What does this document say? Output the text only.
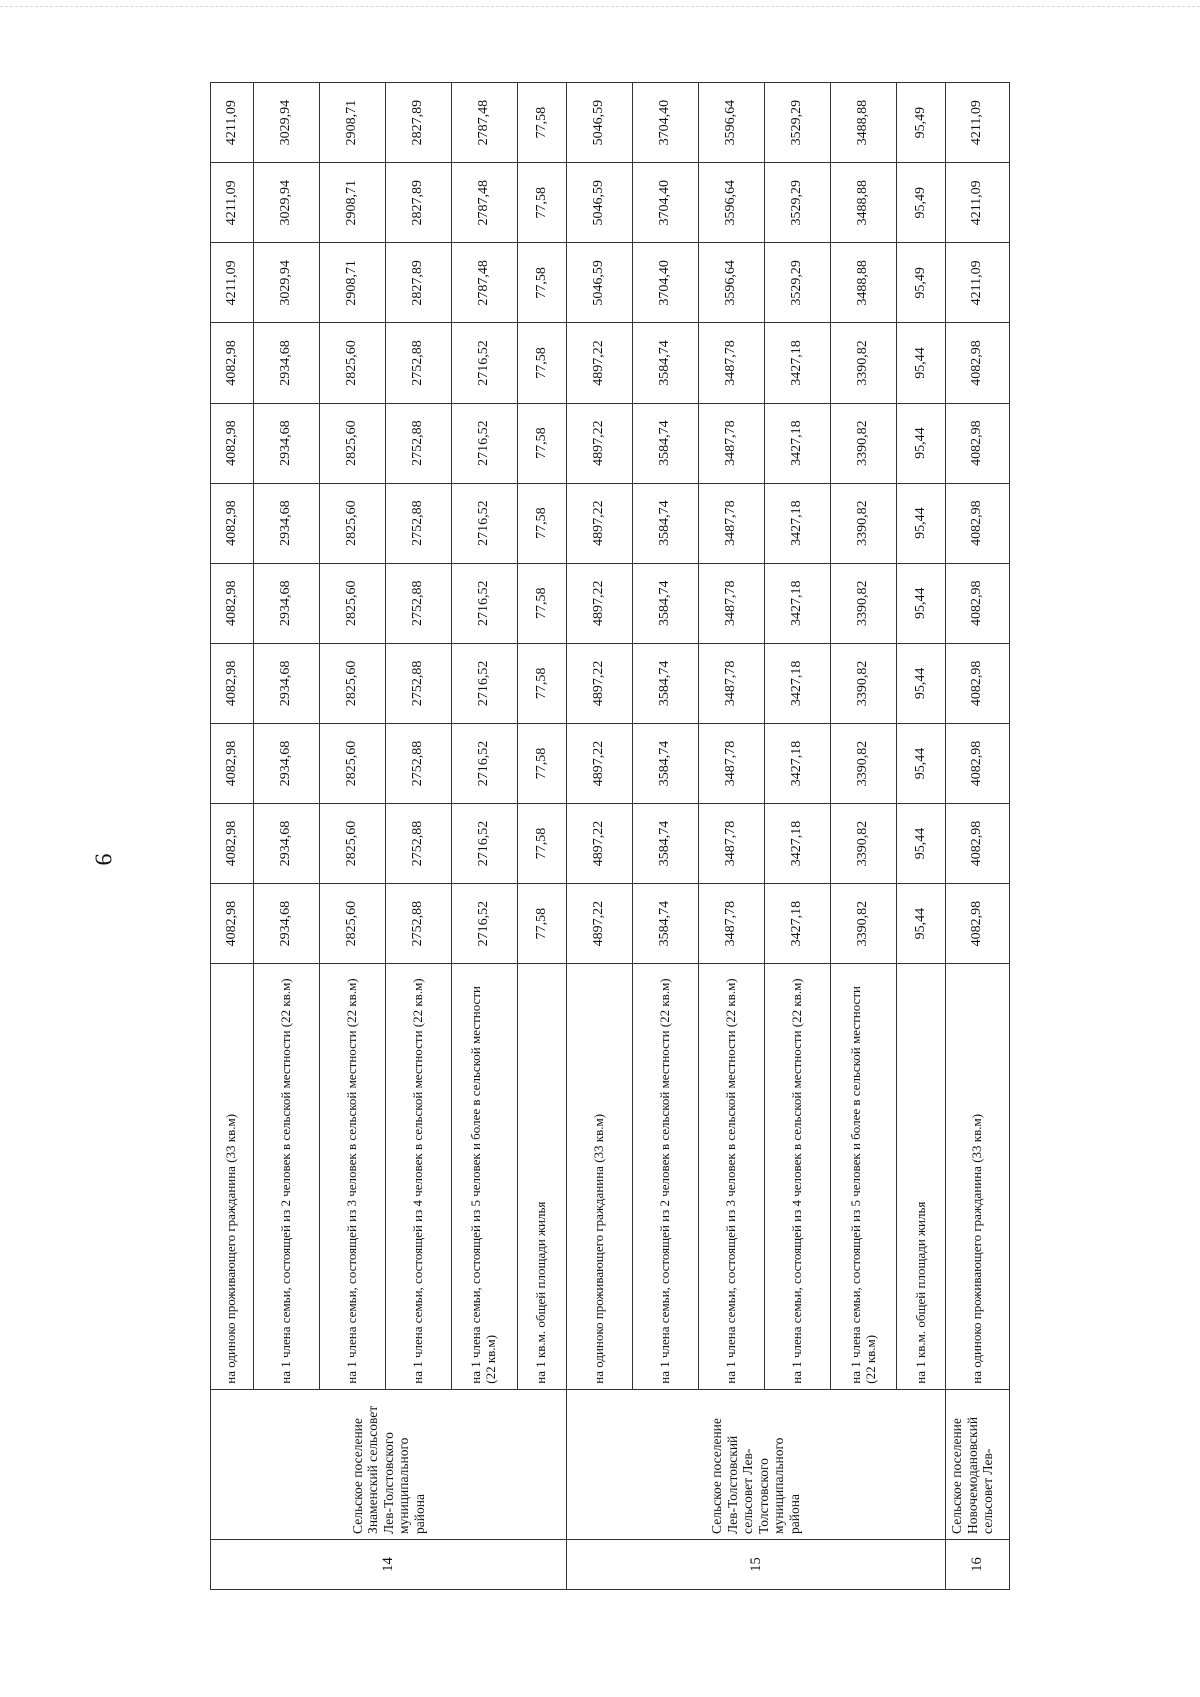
9
14	Сельское поселение Знаменский сельсовет Лев-Толстовского муниципального района	на одиноко проживающего гражданина (33 кв.м)	4082,98	4082,98	4082,98	4082,98	4082,98	4082,98	4082,98	4082,98	4211,09	4211,09	4211,09
		на 1 члена семьи, состоящей из 2 человек в сельской местности (22 кв.м)	2934,68	2934,68	2934,68	2934,68	2934,68	2934,68	2934,68	2934,68	3029,94	3029,94	3029,94
		на 1 члена семьи, состоящей из 3 человек в сельской местности (22 кв.м)	2825,60	2825,60	2825,60	2825,60	2825,60	2825,60	2825,60	2825,60	2908,71	2908,71	2908,71
		на 1 члена семьи, состоящей из 4 человек в сельской местности (22 кв.м)	2752,88	2752,88	2752,88	2752,88	2752,88	2752,88	2752,88	2752,88	2827,89	2827,89	2827,89
		на 1 члена семьи, состоящей из 5 человек и более в сельской местности (22 кв.м)	2716,52	2716,52	2716,52	2716,52	2716,52	2716,52	2716,52	2716,52	2787,48	2787,48	2787,48
		на 1 кв.м. общей площади жилья	77,58	77,58	77,58	77,58	77,58	77,58	77,58	77,58	77,58	77,58	77,58
15	Сельское поселение Лев-Толстовский сельсовет Лев-Толстовского муниципального района	на одиноко проживающего гражданина (33 кв.м)	4897,22	4897,22	4897,22	4897,22	4897,22	4897,22	4897,22	4897,22	5046,59	5046,59	5046,59
		на 1 члена семьи, состоящей из 2 человек в сельской местности (22 кв.м)	3584,74	3584,74	3584,74	3584,74	3584,74	3584,74	3584,74	3584,74	3704,40	3704,40	3704,40
		на 1 члена семьи, состоящей из 3 человек в сельской местности (22 кв.м)	3487,78	3487,78	3487,78	3487,78	3487,78	3487,78	3487,78	3487,78	3596,64	3596,64	3596,64
		на 1 члена семьи, состоящей из 4 человек в сельской местности (22 кв.м)	3427,18	3427,18	3427,18	3427,18	3427,18	3427,18	3427,18	3427,18	3529,29	3529,29	3529,29
		на 1 члена семьи, состоящей из 5 человек и более в сельской местности (22 кв.м)	3390,82	3390,82	3390,82	3390,82	3390,82	3390,82	3390,82	3390,82	3488,88	3488,88	3488,88
		на 1 кв.м. общей площади жилья	95,44	95,44	95,44	95,44	95,44	95,44	95,44	95,44	95,49	95,49	95,49
16	Сельское поселение Новочемодановский сельсовет Лев-	на одиноко проживающего гражданина (33 кв.м)	4082,98	4082,98	4082,98	4082,98	4082,98	4082,98	4082,98	4082,98	4211,09	4211,09	4211,09
